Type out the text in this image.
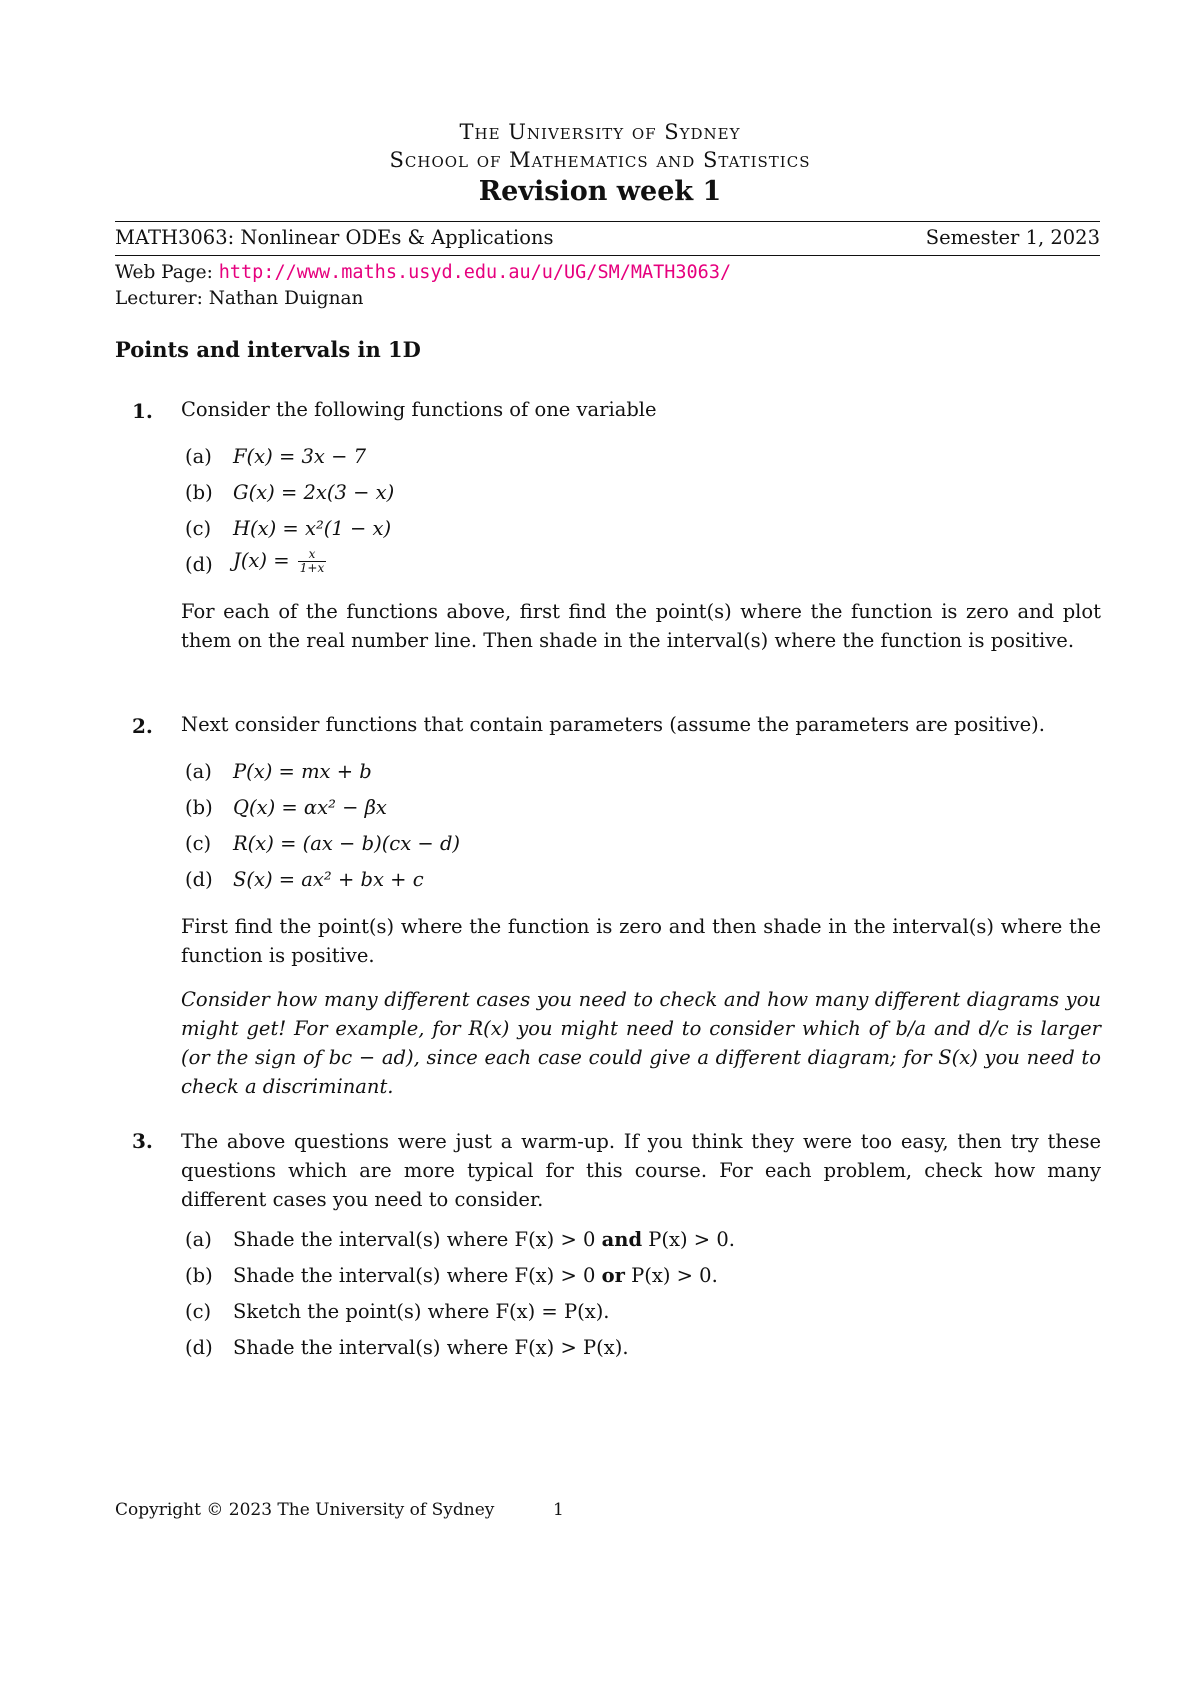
The University of Sydney
School of Mathematics and Statistics
Revision week 1
MATH3063: Nonlinear ODEs & Applications	Semester 1, 2023
Web Page: http://www.maths.usyd.edu.au/u/UG/SM/MATH3063/
Lecturer: Nathan Duignan
Points and intervals in 1D
1. Consider the following functions of one variable
(a) F(x) = 3x − 7
(b) G(x) = 2x(3 − x)
(c) H(x) = x²(1 − x)
(d) $J(x) = \frac{x}{1+x}$
For each of the functions above, first find the point(s) where the function is zero and plot them on the real number line. Then shade in the interval(s) where the function is positive.
2. Next consider functions that contain parameters (assume the parameters are positive).
(a) P(x) = mx + b
(b) Q(x) = αx² − βx
(c) R(x) = (ax − b)(cx − d)
(d) S(x) = ax² + bx + c
First find the point(s) where the function is zero and then shade in the interval(s) where the function is positive.
Consider how many different cases you need to check and how many different diagrams you might get! For example, for R(x) you might need to consider which of b/a and d/c is larger (or the sign of bc − ad), since each case could give a different diagram; for S(x) you need to check a discriminant.
3. The above questions were just a warm-up. If you think they were too easy, then try these questions which are more typical for this course. For each problem, check how many different cases you need to consider.
(a) Shade the interval(s) where F(x) > 0 and P(x) > 0.
(b) Shade the interval(s) where F(x) > 0 or P(x) > 0.
(c) Sketch the point(s) where F(x) = P(x).
(d) Shade the interval(s) where F(x) > P(x).
Copyright © 2023 The University of Sydney	1
